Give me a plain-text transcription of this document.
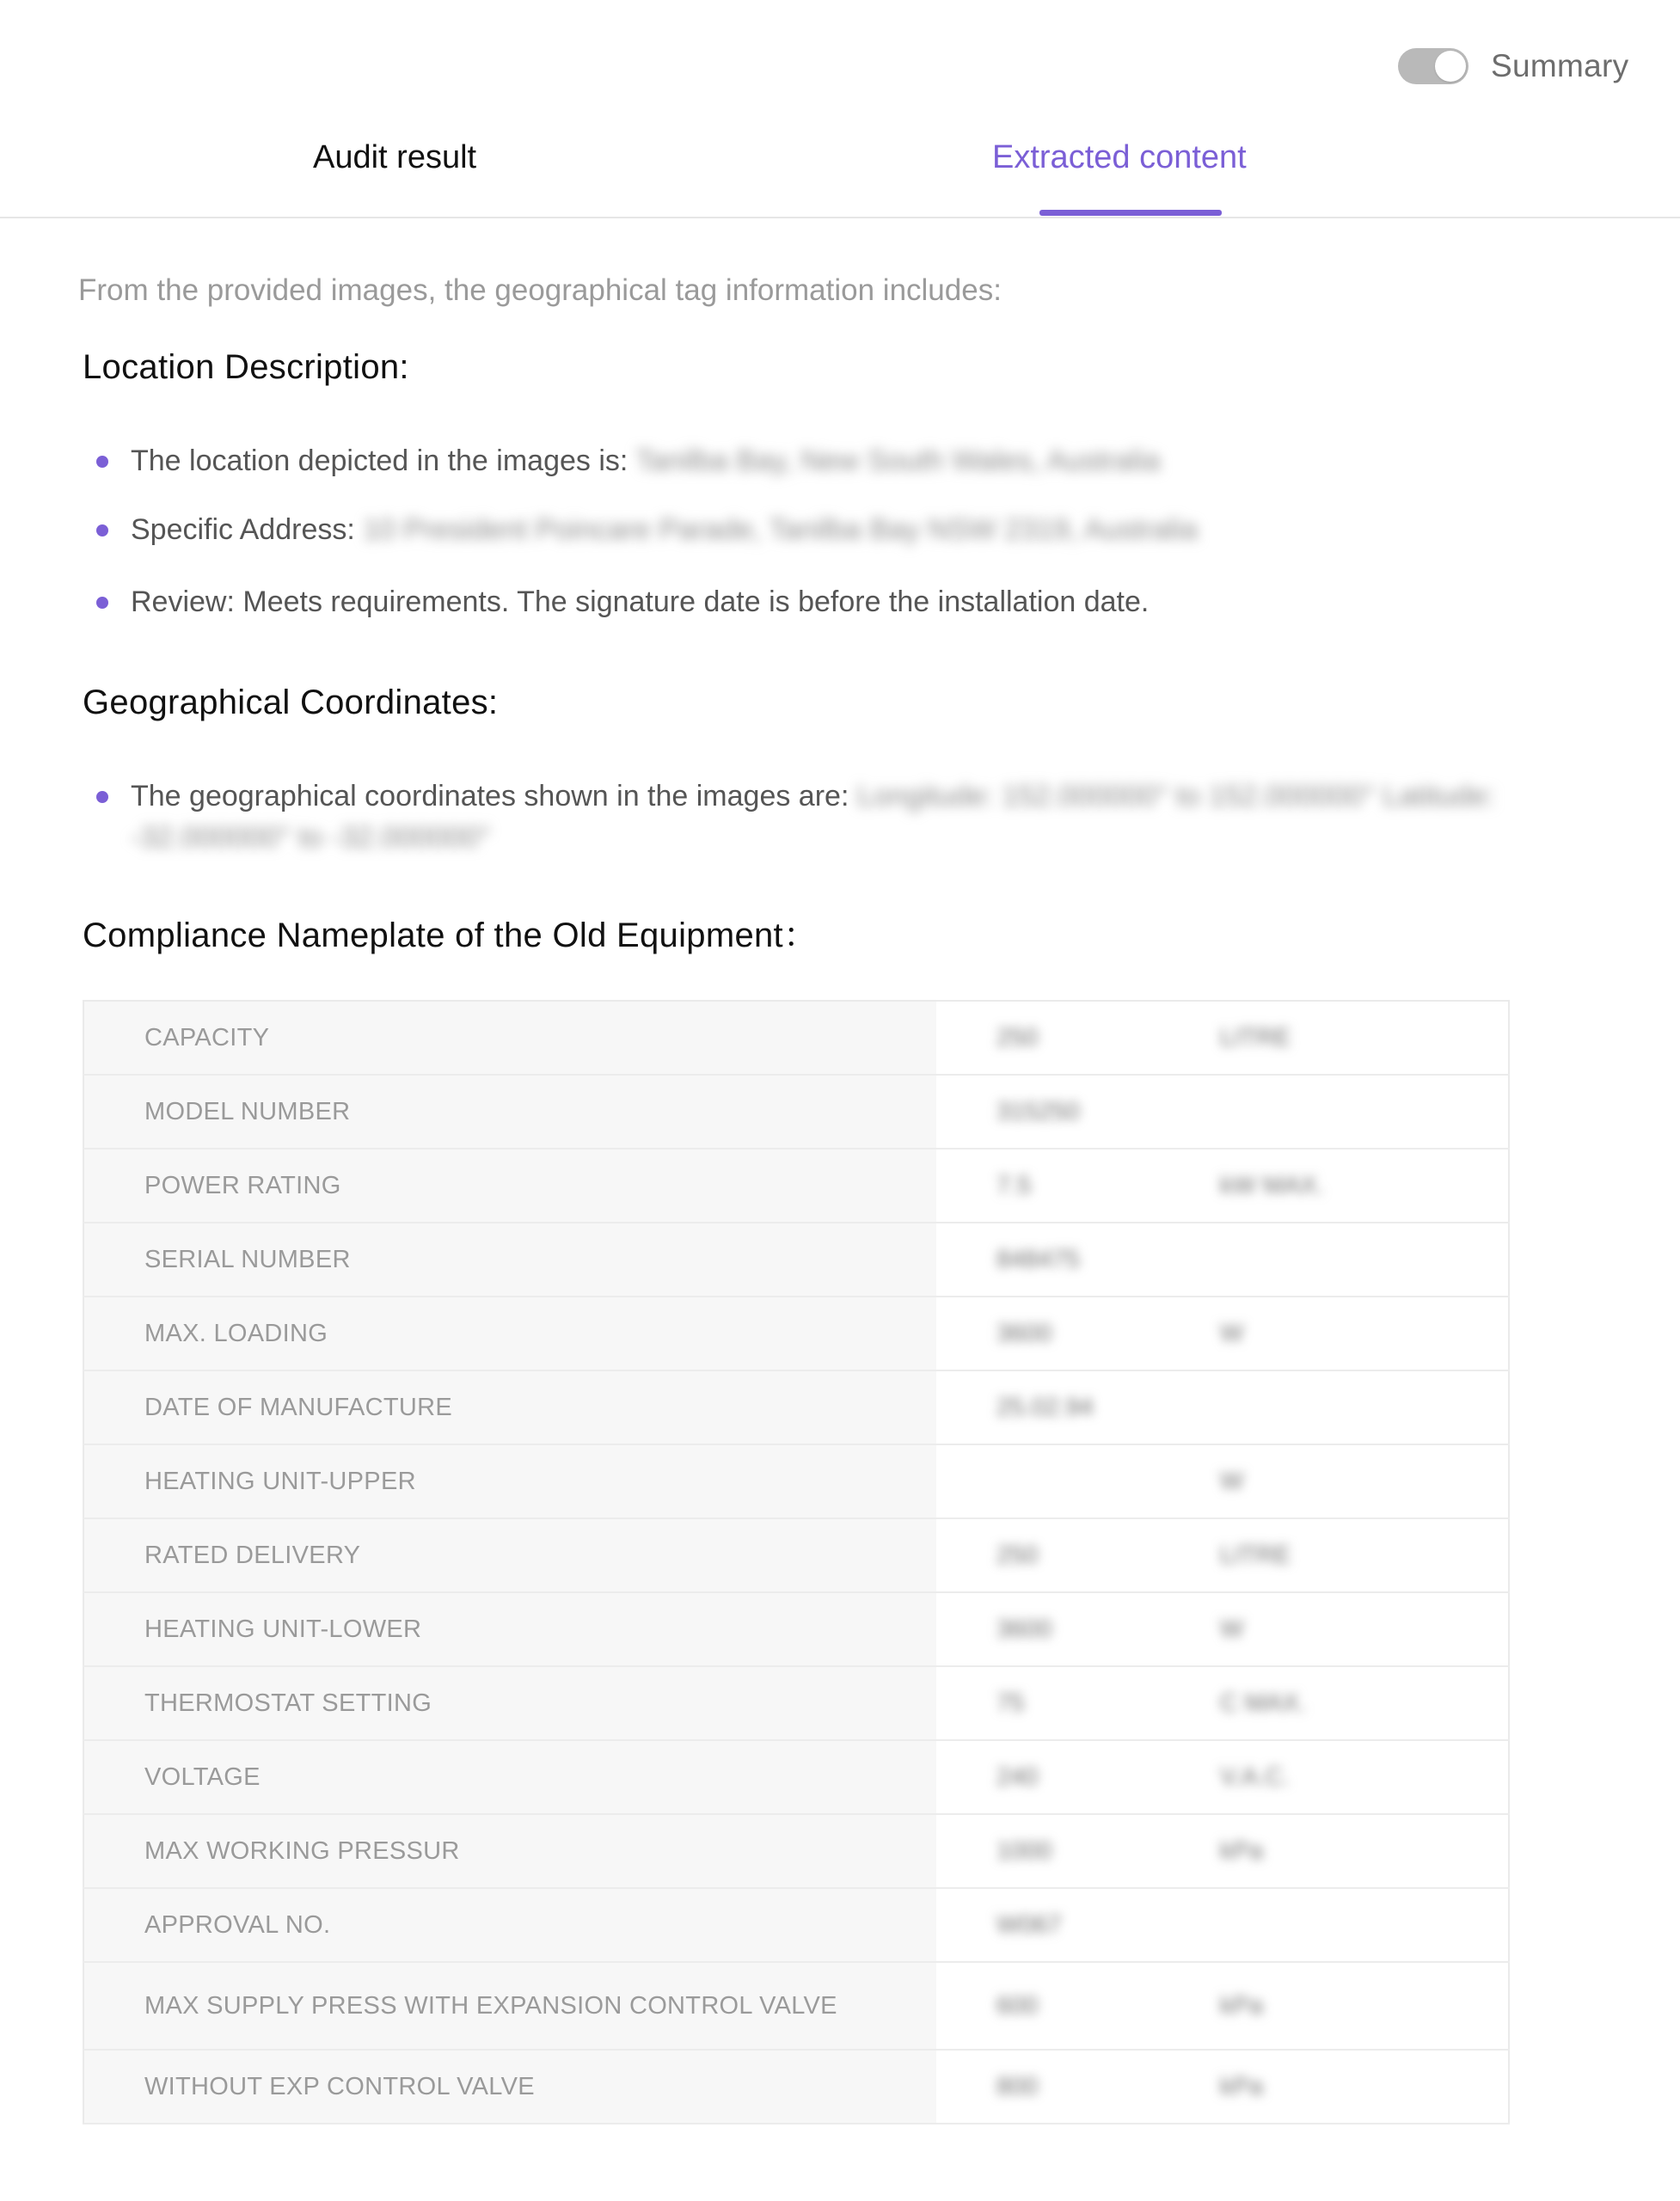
Summary
Audit result	Extracted content
From the provided images, the geographical tag information includes:
Location Description:
The location depicted in the images is: Tanilba Bay, New South Wales, Australia
Specific Address: 10 President Poincare Parade, Tanilba Bay NSW 2319, Australia
Review: Meets requirements. The signature date is before the installation date.
Geographical Coordinates:
The geographical coordinates shown in the images are: Longitude: 152.000000° to 152.000000° Latitude: -32.000000° to -32.000000°
Compliance Nameplate of the Old Equipment：
CAPACITY	250	LITRE
MODEL NUMBER	315250	
POWER RATING	7.5	kW MAX.
SERIAL NUMBER	848475	
MAX. LOADING	3600	W
DATE OF MANUFACTURE	25.02.94	
HEATING UNIT-UPPER		W
RATED DELIVERY	250	LITRE
HEATING UNIT-LOWER	3600	W
THERMOSTAT SETTING	75	C MAX.
VOLTAGE	240	V.A.C.
MAX WORKING PRESSUR	1000	kPa
APPROVAL NO.	W067	
MAX SUPPLY PRESS WITH EXPANSION CONTROL VALVE	600	kPa
WITHOUT EXP CONTROL VALVE	800	kPa
